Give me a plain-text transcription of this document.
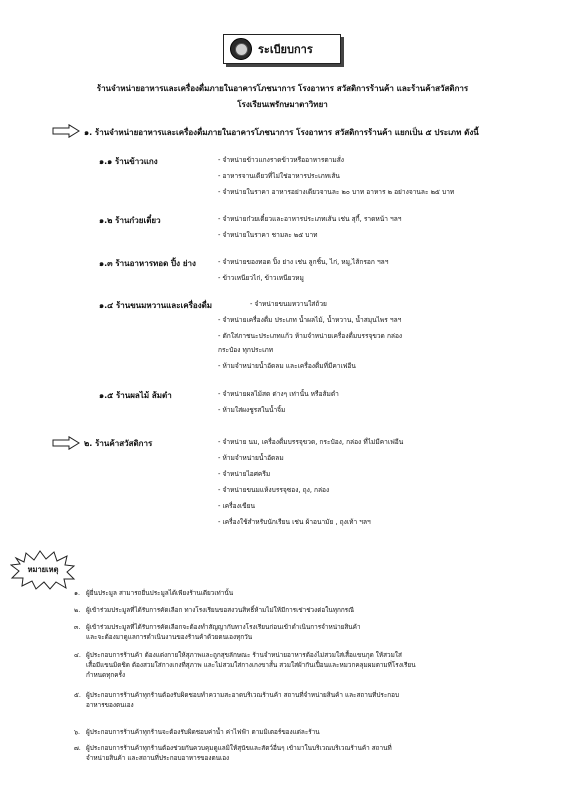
ระเบียบการ
ร้านจำหน่ายอาหารและเครื่องดื่มภายในอาคารโภชนาการ โรงอาหาร สวัสดิการร้านค้า และร้านค้าสวัสดิการ
โรงเรียนเพรักษมาตาวิทยา
๑. ร้านจำหน่ายอาหารและเครื่องดื่มภายในอาคารโภชนาการ โรงอาหาร สวัสดิการร้านค้า แยกเป็น ๕ ประเภท ดังนี้
๑.๑ ร้านข้าวแกง	- จำหน่ายข้าวแกงราดข้าวหรืออาหารตามสั่ง
- อาหารจานเดียวที่ไม่ใช่อาหารประเภทเส้น
- จำหน่ายในราคา อาหารอย่างเดียวจานละ ๒๐ บาท อาหาร ๒ อย่างจานละ ๒๕ บาท
๑.๒ ร้านก๋วยเตี๋ยว	- จำหน่ายก๋วยเตี๋ยวและอาหารประเภทเส้น เช่น สุกี้, ราดหน้า ฯลฯ
- จำหน่ายในราคา ชามละ ๒๕ บาท
๑.๓ ร้านอาหารทอด ปิ้ง ย่าง	- จำหน่ายของทอด ปิ้ง ย่าง เช่น ลูกชิ้น, ไก่, หมู,ไส้กรอก ฯลฯ
- ข้าวเหนียวไก่, ข้าวเหนียวหมู
๑.๔ ร้านขนมหวานและเครื่องดื่ม	- จำหน่ายขนมหวานใส่ถ้วย
- จำหน่ายเครื่องดื่ม ประเภท น้ำผลไม้, น้ำหวาน, น้ำสมุนไพร ฯลฯ
- ตักใส่ภาชนะประเภทแก้ว ห้ามจำหน่ายเครื่องดื่มบรรจุขวด กล่อง
กระป๋อง ทุกประเภท
- ห้ามจำหน่ายน้ำอัดลม และเครื่องดื่มที่มีคาเฟอีน
๑.๕ ร้านผลไม้ ส้มตำ	- จำหน่ายผลไม้สด ต่างๆ เท่านั้น หรือส้มตำ
- ห้ามใส่ผงชูรสในน้ำจิ้ม
๒. ร้านค้าสวัสดิการ	- จำหน่าย นม, เครื่องดื่มบรรจุขวด, กระป๋อง, กล่อง ที่ไม่มีคาเฟอีน
- ห้ามจำหน่ายน้ำอัดลม
- จำหน่ายไอศครีม
- จำหน่ายขนมแห้งบรรจุซอง, ถุง, กล่อง
- เครื่องเขียน
- เครื่องใช้สำหรับนักเรียน เช่น ผ้าอนามัย , ถุงเท้า ฯลฯ
หมายเหตุ
๑. ผู้ยื่นประมูล สามารถยื่นประมูลได้เพียงร้านเดียวเท่านั้น
๒. ผู้เข้าร่วมประมูลที่ได้รับการคัดเลือก ทางโรงเรียนขอสงวนสิทธิ์ห้ามไม่ให้มีการเช่าช่วงต่อในทุกกรณี
๓. ผู้เข้าร่วมประมูลที่ได้รับการคัดเลือกจะต้องทำสัญญากับทางโรงเรียนก่อนเข้าดำเนินการจำหน่ายสินค้า
และจะต้องมาดูแลการดำเนินงานของร้านค้าด้วยตนเองทุกวัน
๔. ผู้ประกอบการร้านค้า ต้องแต่งกายให้สุภาพและถูกสุขลักษณะ ร้านจำหน่ายอาหารต้องไม่สวมใส่เสื้อแขนกุด ให้สวมใส่
เสื้อมีแขนมิดชิด ต้องสวมใส่กางเกงที่สุภาพ และไม่สวมใส่กางเกงขาสั้น สวมใส่ผ้ากันเปื้อนและหมวกคลุมผมตามที่โรงเรียน
กำหนดทุกครั้ง
๕. ผู้ประกอบการร้านค้าทุกร้านต้องรับผิดชอบทำความสะอาดบริเวณร้านค้า สถานที่จำหน่ายสินค้า และสถานที่ประกอบ
อาหารของตนเอง
๖. ผู้ประกอบการร้านค้าทุกร้านจะต้องรับผิดชอบค่าน้ำ ค่าไฟฟ้า ตามมิเตอร์ของแต่ละร้าน
๗. ผู้ประกอบการร้านค้าทุกร้านต้องช่วยกันควบคุมดูแลมิให้สุนัขและสัตว์อื่นๆ เข้ามาในบริเวณบริเวณร้านค้า สถานที่
จำหน่ายสินค้า และสถานที่ประกอบอาหารของตนเอง
